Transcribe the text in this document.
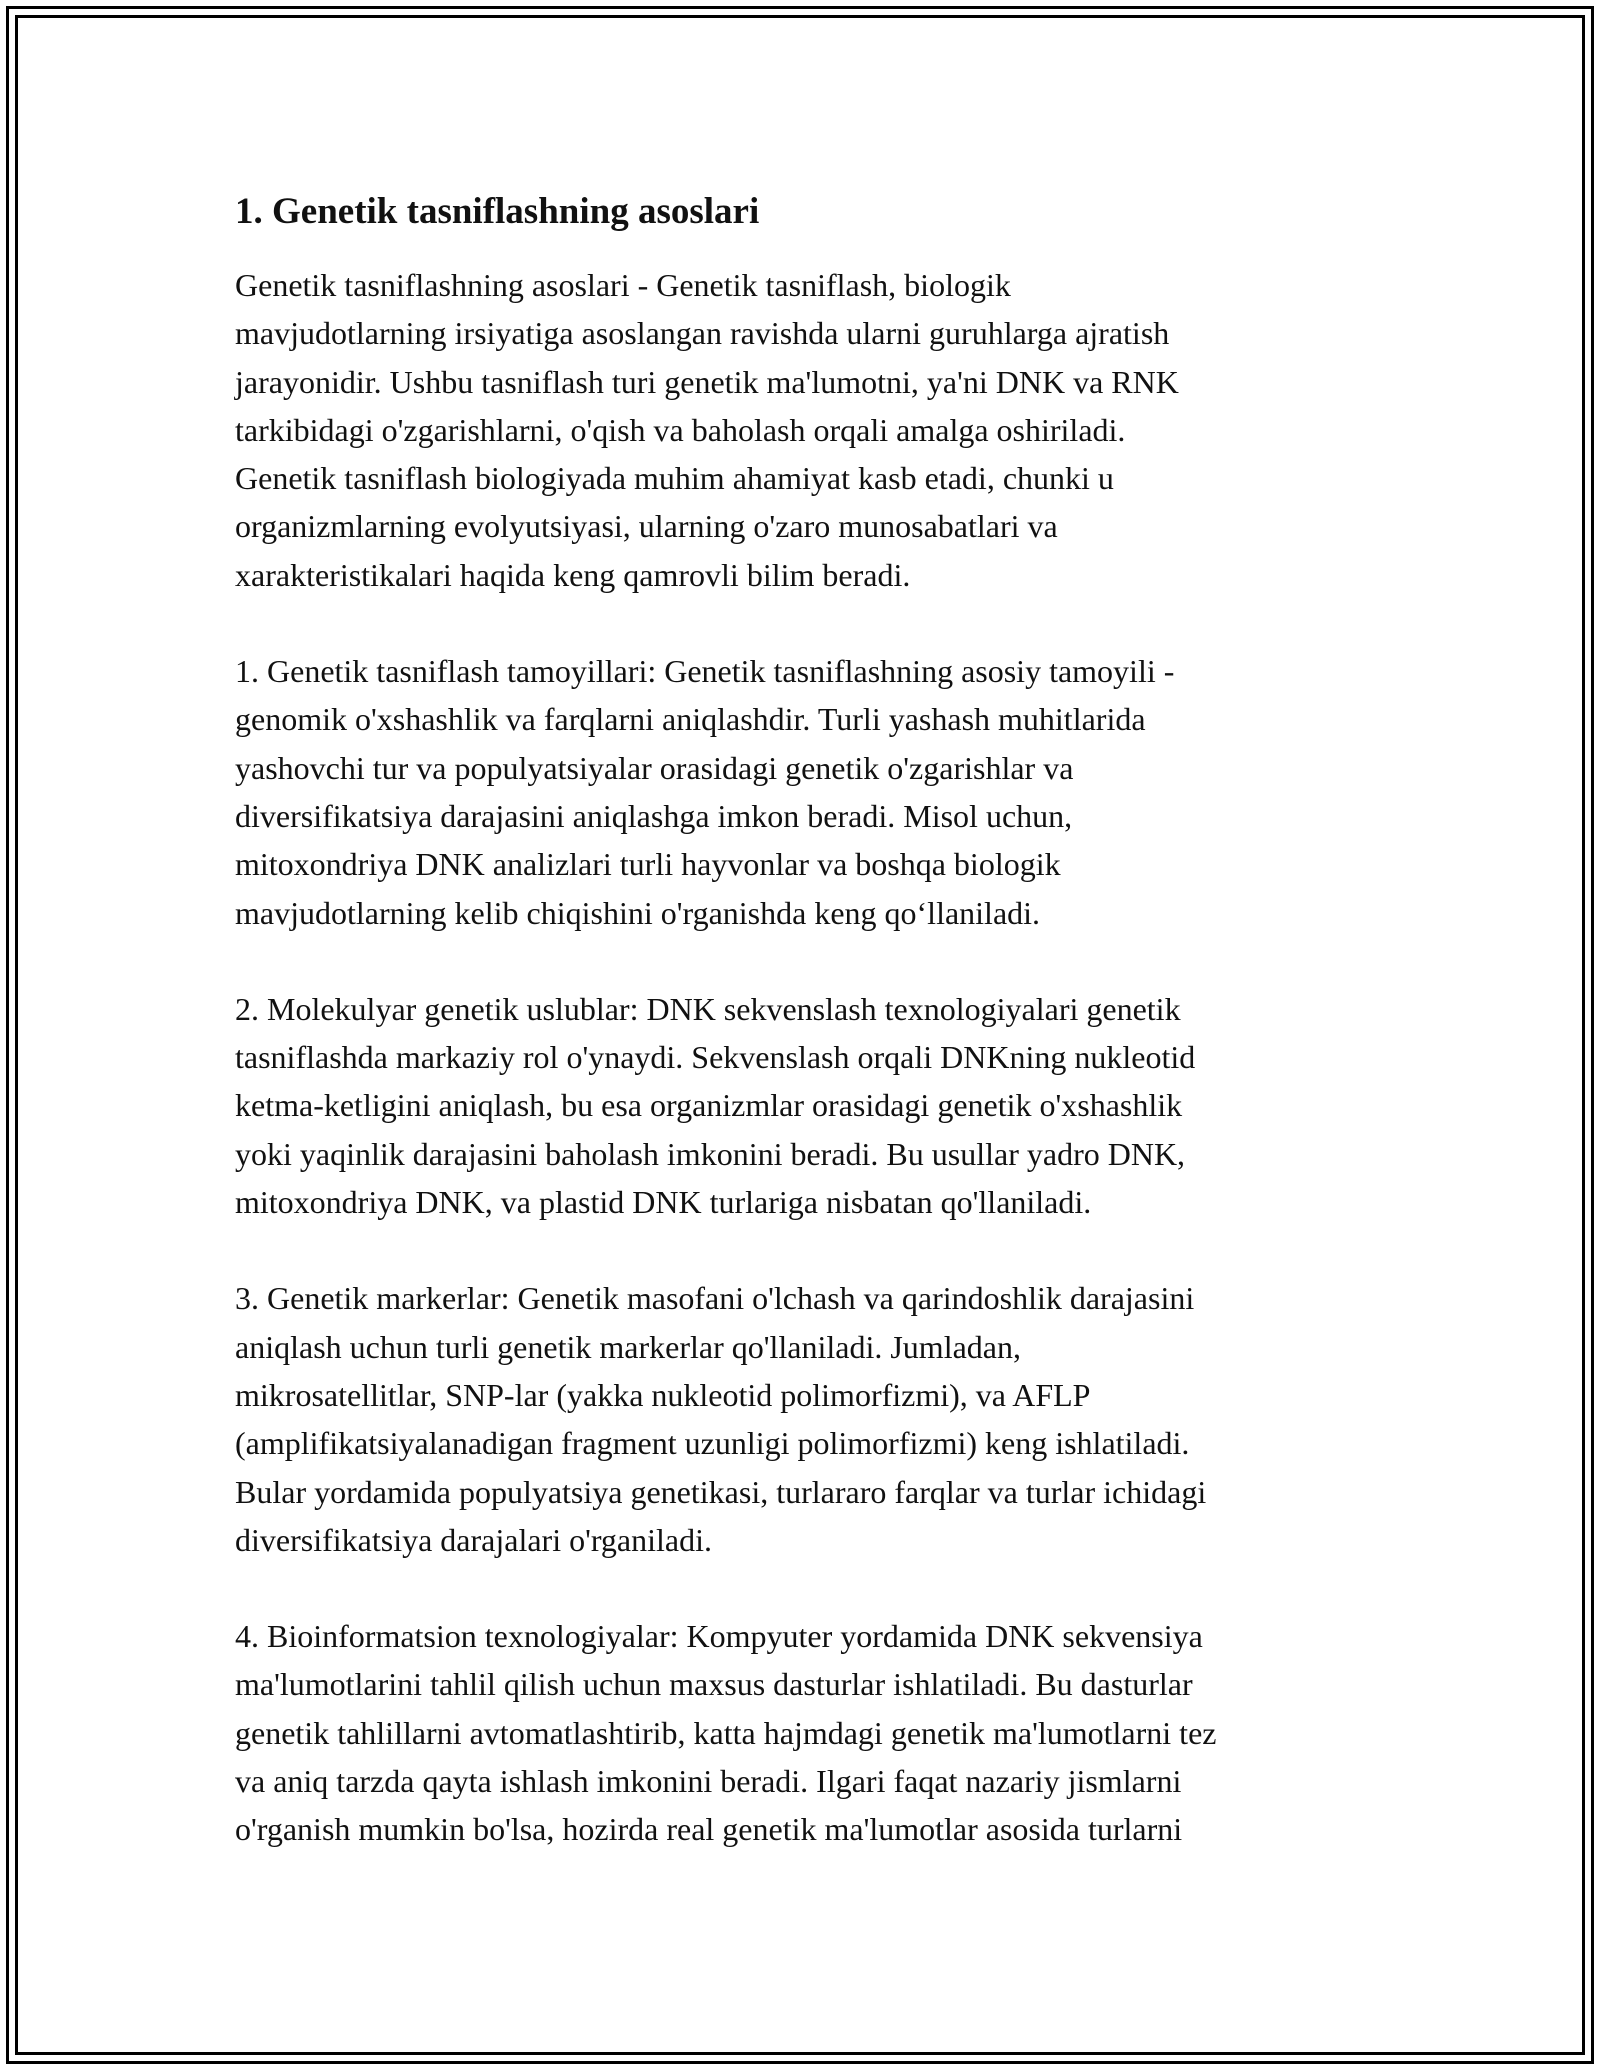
1. Genetik tasniflashning asoslari
Genetik tasniflashning asoslari - Genetik tasniflash, biologik
mavjudotlarning irsiyatiga asoslangan ravishda ularni guruhlarga ajratish
jarayonidir. Ushbu tasniflash turi genetik ma'lumotni, ya'ni DNK va RNK
tarkibidagi o'zgarishlarni, o'qish va baholash orqali amalga oshiriladi.
Genetik tasniflash biologiyada muhim ahamiyat kasb etadi, chunki u
organizmlarning evolyutsiyasi, ularning o'zaro munosabatlari va
xarakteristikalari haqida keng qamrovli bilim beradi.
1. Genetik tasniflash tamoyillari: Genetik tasniflashning asosiy tamoyili -
genomik o'xshashlik va farqlarni aniqlashdir. Turli yashash muhitlarida
yashovchi tur va populyatsiyalar orasidagi genetik o'zgarishlar va
diversifikatsiya darajasini aniqlashga imkon beradi. Misol uchun,
mitoxondriya DNK analizlari turli hayvonlar va boshqa biologik
mavjudotlarning kelib chiqishini o'rganishda keng qo‘llaniladi.
2. Molekulyar genetik uslublar: DNK sekvenslash texnologiyalari genetik
tasniflashda markaziy rol o'ynaydi. Sekvenslash orqali DNKning nukleotid
ketma-ketligini aniqlash, bu esa organizmlar orasidagi genetik o'xshashlik
yoki yaqinlik darajasini baholash imkonini beradi. Bu usullar yadro DNK,
mitoxondriya DNK, va plastid DNK turlariga nisbatan qo'llaniladi.
3. Genetik markerlar: Genetik masofani o'lchash va qarindoshlik darajasini
aniqlash uchun turli genetik markerlar qo'llaniladi. Jumladan,
mikrosatellitlar, SNP-lar (yakka nukleotid polimorfizmi), va AFLP
(amplifikatsiyalanadigan fragment uzunligi polimorfizmi) keng ishlatiladi.
Bular yordamida populyatsiya genetikasi, turlararo farqlar va turlar ichidagi
diversifikatsiya darajalari o'rganiladi.
4. Bioinformatsion texnologiyalar: Kompyuter yordamida DNK sekvensiya
ma'lumotlarini tahlil qilish uchun maxsus dasturlar ishlatiladi. Bu dasturlar
genetik tahlillarni avtomatlashtirib, katta hajmdagi genetik ma'lumotlarni tez
va aniq tarzda qayta ishlash imkonini beradi. Ilgari faqat nazariy jismlarni
o'rganish mumkin bo'lsa, hozirda real genetik ma'lumotlar asosida turlarni
